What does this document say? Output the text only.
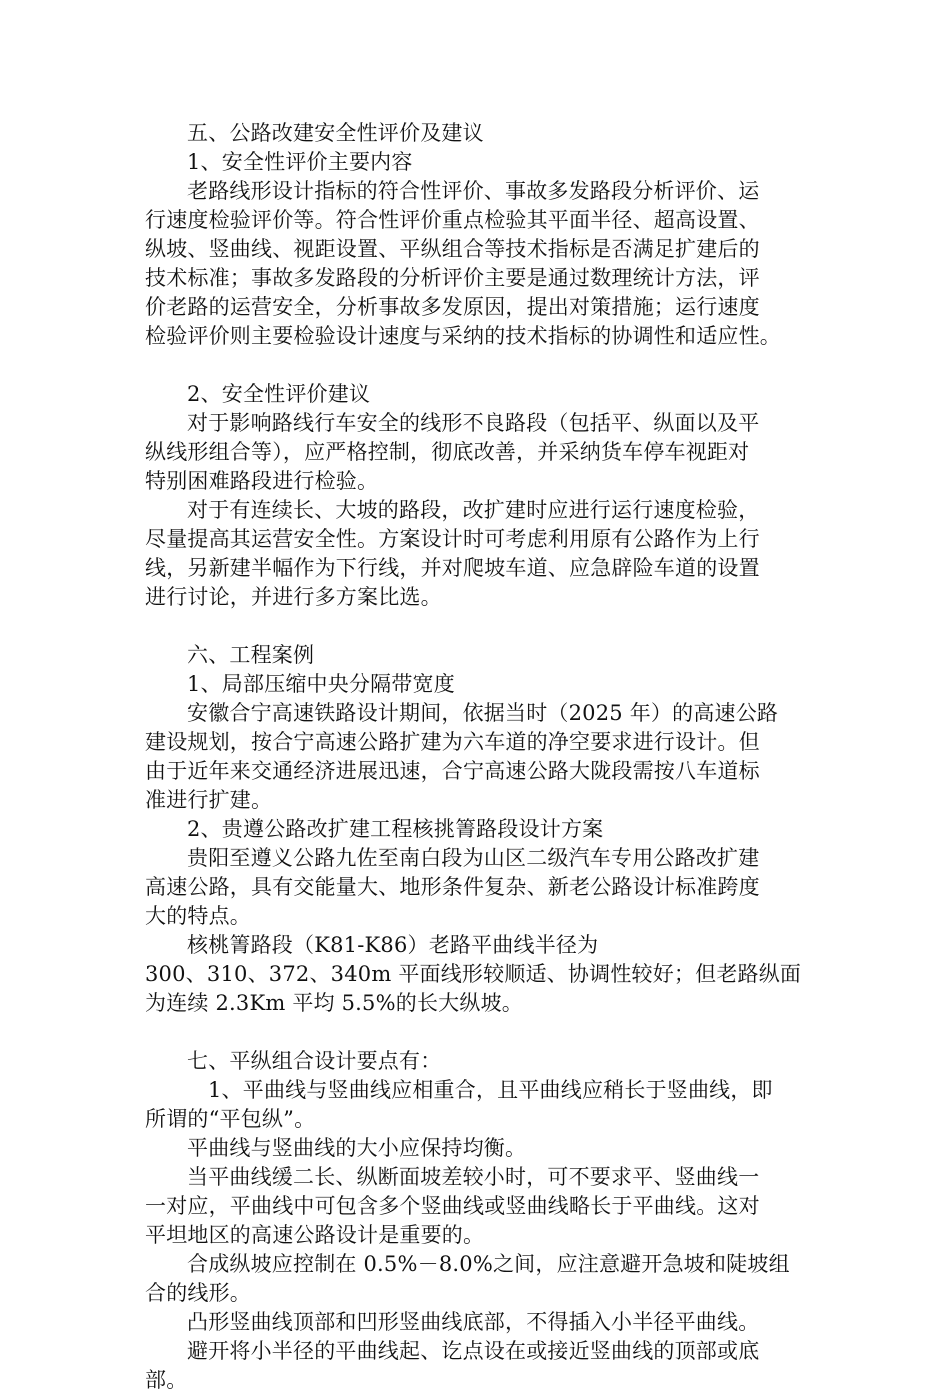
五、公路改建安全性评价及建议
1、安全性评价主要内容
老路线形设计指标的符合性评价、事故多发路段分析评价、运
行速度检验评价等。符合性评价重点检验其平面半径、超高设置、
纵坡、竖曲线、视距设置、平纵组合等技术指标是否满足扩建后的
技术标准；事故多发路段的分析评价主要是通过数理统计方法，评
价老路的运营安全，分析事故多发原因，提出对策措施；运行速度
检验评价则主要检验设计速度与采纳的技术指标的协调性和适应性。
2、安全性评价建议
对于影响路线行车安全的线形不良路段（包括平、纵面以及平
纵线形组合等），应严格控制，彻底改善，并采纳货车停车视距对
特别困难路段进行检验。
对于有连续长、大坡的路段，改扩建时应进行运行速度检验，
尽量提高其运营安全性。方案设计时可考虑利用原有公路作为上行
线，另新建半幅作为下行线，并对爬坡车道、应急辟险车道的设置
进行讨论，并进行多方案比选。
六、工程案例
1、局部压缩中央分隔带宽度
安徽合宁高速铁路设计期间，依据当时（2025 年）的高速公路
建设规划，按合宁高速公路扩建为六车道的净空要求进行设计。但
由于近年来交通经济进展迅速，合宁高速公路大陇段需按八车道标
准进行扩建。
2、贵遵公路改扩建工程核挑箐路段设计方案
贵阳至遵义公路九佐至南白段为山区二级汽车专用公路改扩建
高速公路，具有交能量大、地形条件复杂、新老公路设计标准跨度
大的特点。
核桃箐路段（K81-K86）老路平曲线半径为
300、310、372、340m 平面线形较顺适、协调性较好；但老路纵面
为连续 2.3Km 平均 5.5%的长大纵坡。
七、平纵组合设计要点有：
1、平曲线与竖曲线应相重合，且平曲线应稍长于竖曲线，即
所谓的“平包纵”。
平曲线与竖曲线的大小应保持均衡。
当平曲线缓二长、纵断面坡差较小时，可不要求平、竖曲线一
一对应，平曲线中可包含多个竖曲线或竖曲线略长于平曲线。这对
平坦地区的高速公路设计是重要的。
合成纵坡应控制在 0.5%－8.0%之间，应注意避开急坡和陡坡组
合的线形。
凸形竖曲线顶部和凹形竖曲线底部，不得插入小半径平曲线。
避开将小半径的平曲线起、讫点设在或接近竖曲线的顶部或底
部。
